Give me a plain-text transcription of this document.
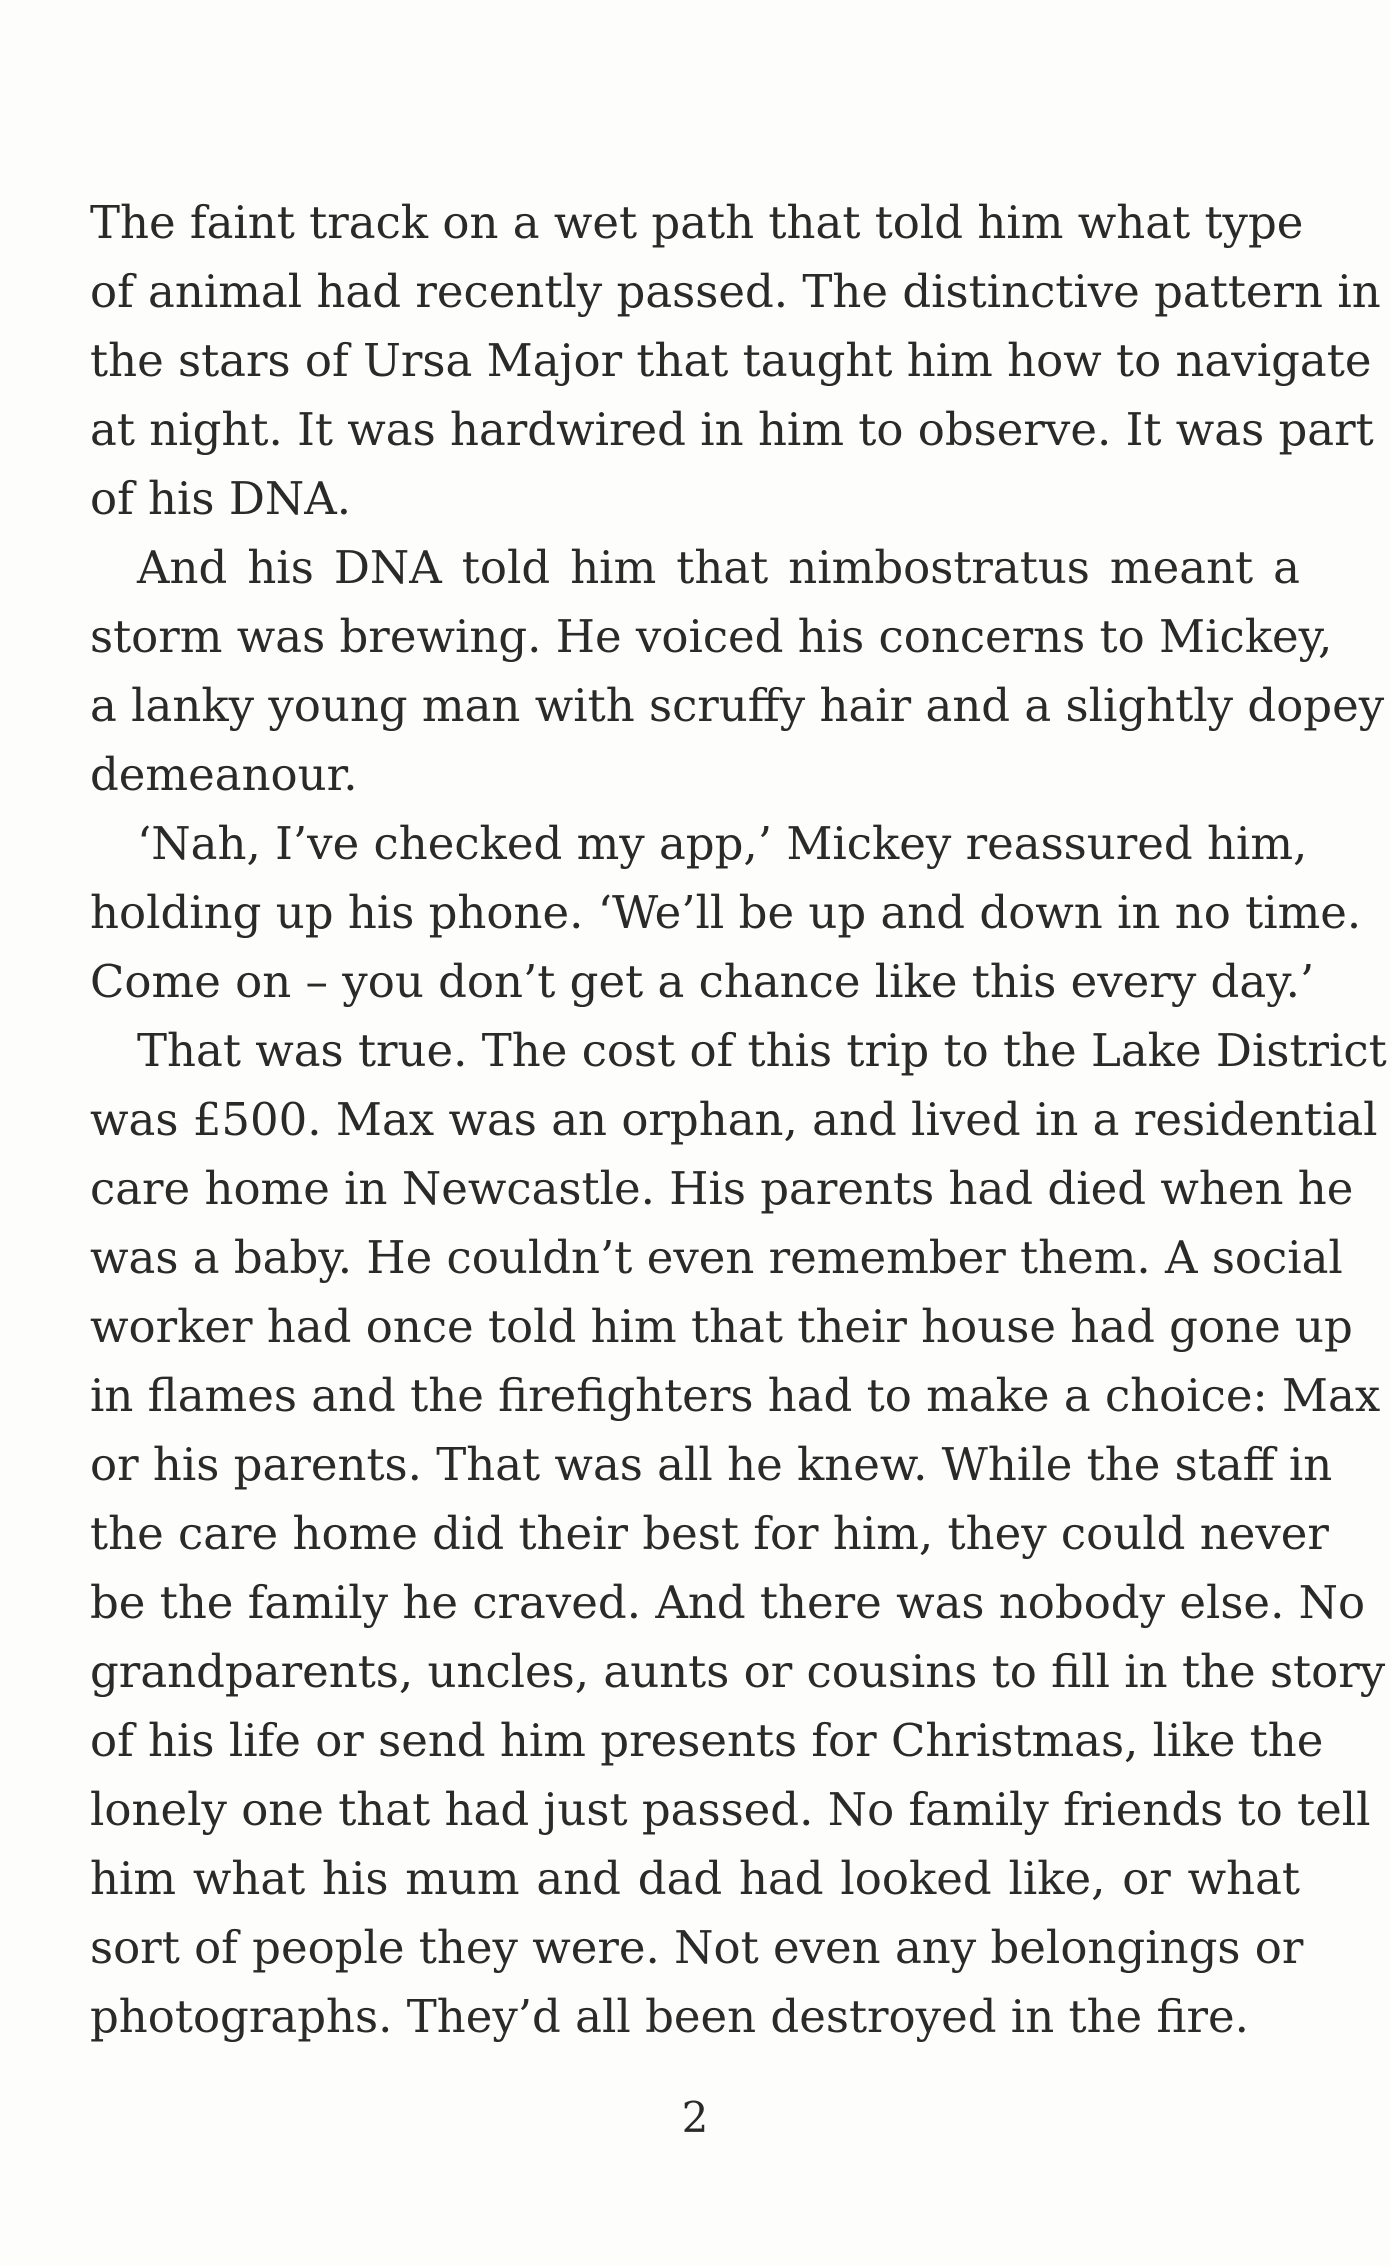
The faint track on a wet path that told him what type
of animal had recently passed. The distinctive pattern in
the stars of Ursa Major that taught him how to navigate
at night. It was hardwired in him to observe. It was part
of his DNA.
And his DNA told him that nimbostratus meant a
storm was brewing. He voiced his concerns to Mickey,
a lanky young man with scruffy hair and a slightly dopey
demeanour.
‘Nah, I’ve checked my app,’ Mickey reassured him,
holding up his phone. ‘We’ll be up and down in no time.
Come on – you don’t get a chance like this every day.’
That was true. The cost of this trip to the Lake District
was £500. Max was an orphan, and lived in a residential
care home in Newcastle. His parents had died when he
was a baby. He couldn’t even remember them. A social
worker had once told him that their house had gone up
in flames and the firefighters had to make a choice: Max
or his parents. That was all he knew. While the staff in
the care home did their best for him, they could never
be the family he craved. And there was nobody else. No
grandparents, uncles, aunts or cousins to fill in the story
of his life or send him presents for Christmas, like the
lonely one that had just passed. No family friends to tell
him what his mum and dad had looked like, or what
sort of people they were. Not even any belongings or
photographs. They’d all been destroyed in the fire.
2
